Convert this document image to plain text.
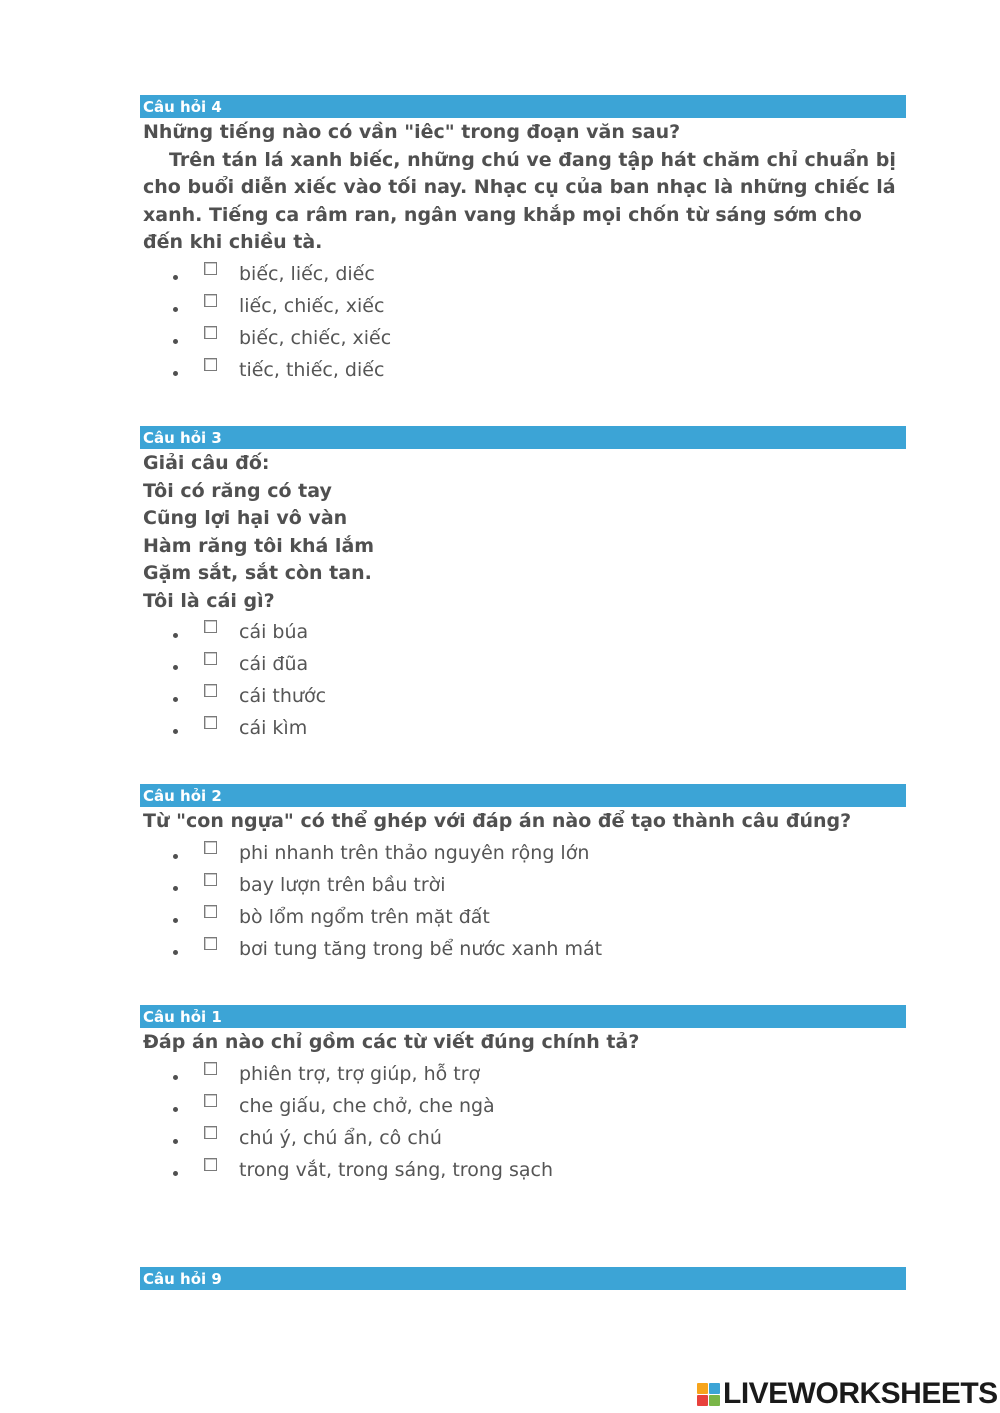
Câu hỏi 4

Những tiếng nào có vần "iêc" trong đoạn văn sau?

Trên tán lá xanh biếc, những chú ve đang tập hát chăm chỉ chuẩn bị cho buổi diễn xiếc vào tối nay. Nhạc cụ của ban nhạc là những chiếc lá xanh. Tiếng ca râm ran, ngân vang khắp mọi chốn từ sáng sớm cho đến khi chiều tà.

biếc, liếc, diếc
liếc, chiếc, xiếc
biếc, chiếc, xiếc
tiếc, thiếc, diếc
Câu hỏi 3

Giải câu đố:

Tôi có răng có tay

Cũng lợi hại vô vàn

Hàm răng tôi khá lắm

Gặm sắt, sắt còn tan.

Tôi là cái gì?

cái búa
cái đũa
cái thước
cái kìm
Câu hỏi 2

Từ "con ngựa" có thể ghép với đáp án nào để tạo thành câu đúng?

phi nhanh trên thảo nguyên rộng lớn
bay lượn trên bầu trời
bò lổm ngổm trên mặt đất
bơi tung tăng trong bể nước xanh mát
Câu hỏi 1

Đáp án nào chỉ gồm các từ viết đúng chính tả?

phiên trợ, trợ giúp, hỗ trợ
che giấu, che chở, che ngà
chú ý, chú ẩn, cô chú
trong vắt, trong sáng, trong sạch
Câu hỏi 9
LIVEWORKSHEETS
